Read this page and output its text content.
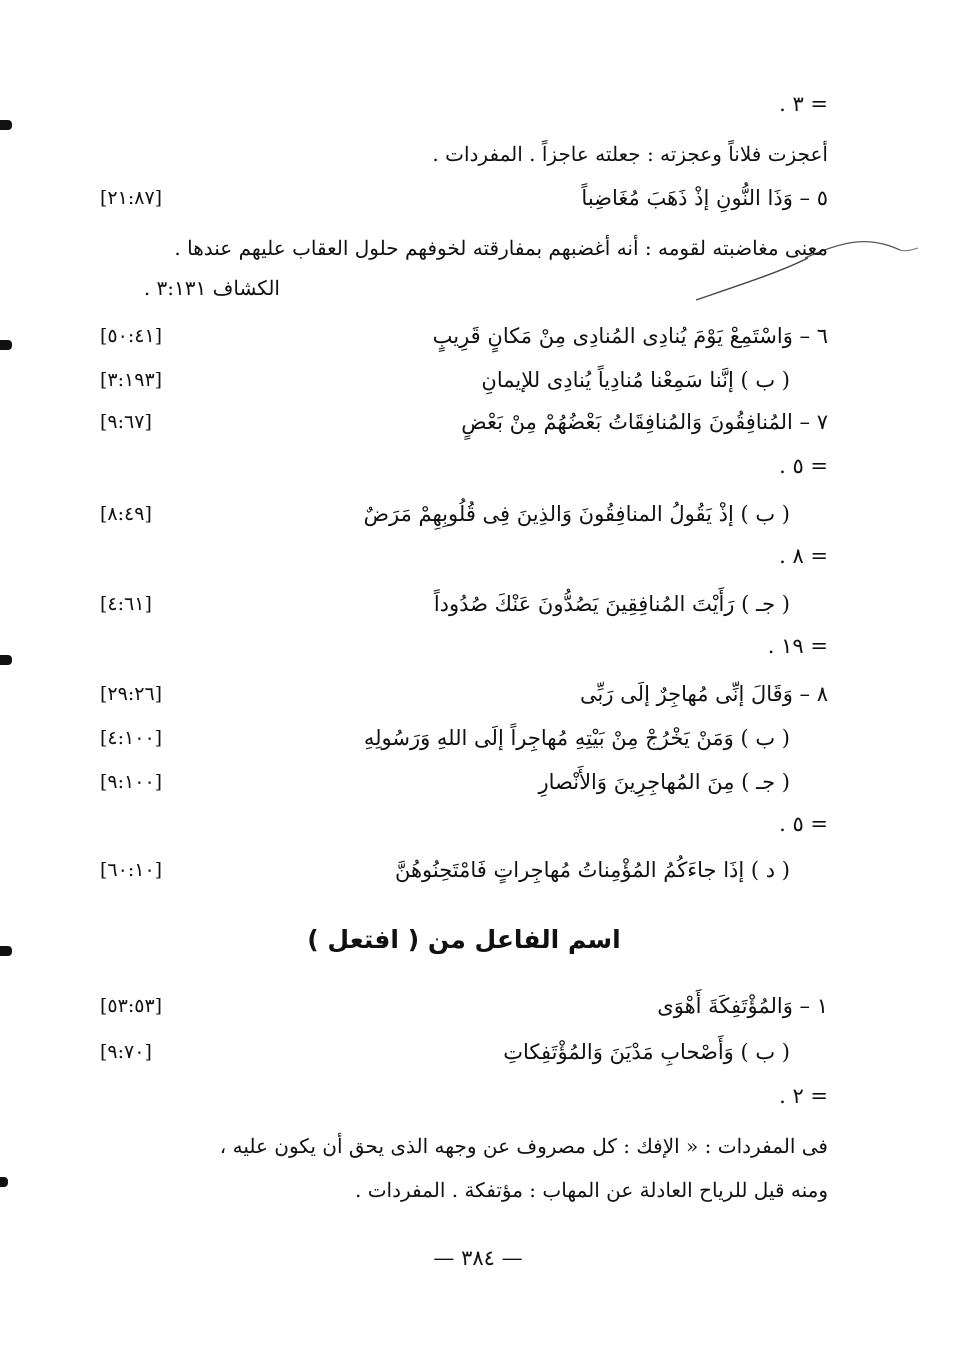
= ٣ .
أعجزت فلاناً وعجزته : جعلته عاجزاً . المفردات .
٥ – وَذَا النُّونِ إذْ ذَهَبَ مُغَاضِباً
[٢١:٨٧]
معنى مغاضبته لقومه : أنه أغضبهم بمفارقته لخوفهم حلول العقاب عليهم عندها .
الكشاف ٣:١٣١ .
٦ – وَاسْتَمِعْ يَوْمَ يُنادِى المُنادِى مِنْ مَكانٍ قَرِيبٍ
[٥٠:٤١]
( ب ) إنَّنا سَمِعْنا مُنادِياً يُنادِى للإيمانِ
[٣:١٩٣]
٧ – المُنافِقُونَ وَالمُنافِقَاتُ بَعْضُهُمْ مِنْ بَعْضٍ
[٩:٦٧]
= ٥ .
( ب ) إذْ يَقُولُ المنافِقُونَ وَالذِينَ فِى قُلُوبِهِمْ مَرَضٌ
[٨:٤٩]
= ٨ .
( جـ ) رَأَيْتَ المُنافِقِينَ يَصُدُّونَ عَنْكَ صُدُوداً
[٤:٦١]
= ١٩ .
٨ – وَقَالَ إنِّى مُهاجِرٌ إلَى رَبِّى
[٢٩:٢٦]
( ب ) وَمَنْ يَخْرُجْ مِنْ بَيْتِهِ مُهاجِراً إلَى اللهِ وَرَسُولِهِ
[٤:١٠٠]
( جـ ) مِنَ المُهاجِرِينَ وَالأَنْصارِ
[٩:١٠٠]
= ٥ .
( د ) إذَا جاءَكُمُ المُؤْمِناتُ مُهاجِراتٍ فَامْتَحِنُوهُنَّ
[٦٠:١٠]
اسم الفاعل من ( افتعل )
١ – وَالمُؤْتَفِكَةَ أَهْوَى
[٥٣:٥٣]
( ب ) وَأَصْحابِ مَدْيَنَ وَالمُؤْتَفِكاتِ
[٩:٧٠]
= ٢ .
فى المفردات : « الإفك : كل مصروف عن وجهه الذى يحق أن يكون عليه ،
ومنه قيل للرياح العادلة عن المهاب : مؤتفكة . المفردات .
— ٣٨٤ —
